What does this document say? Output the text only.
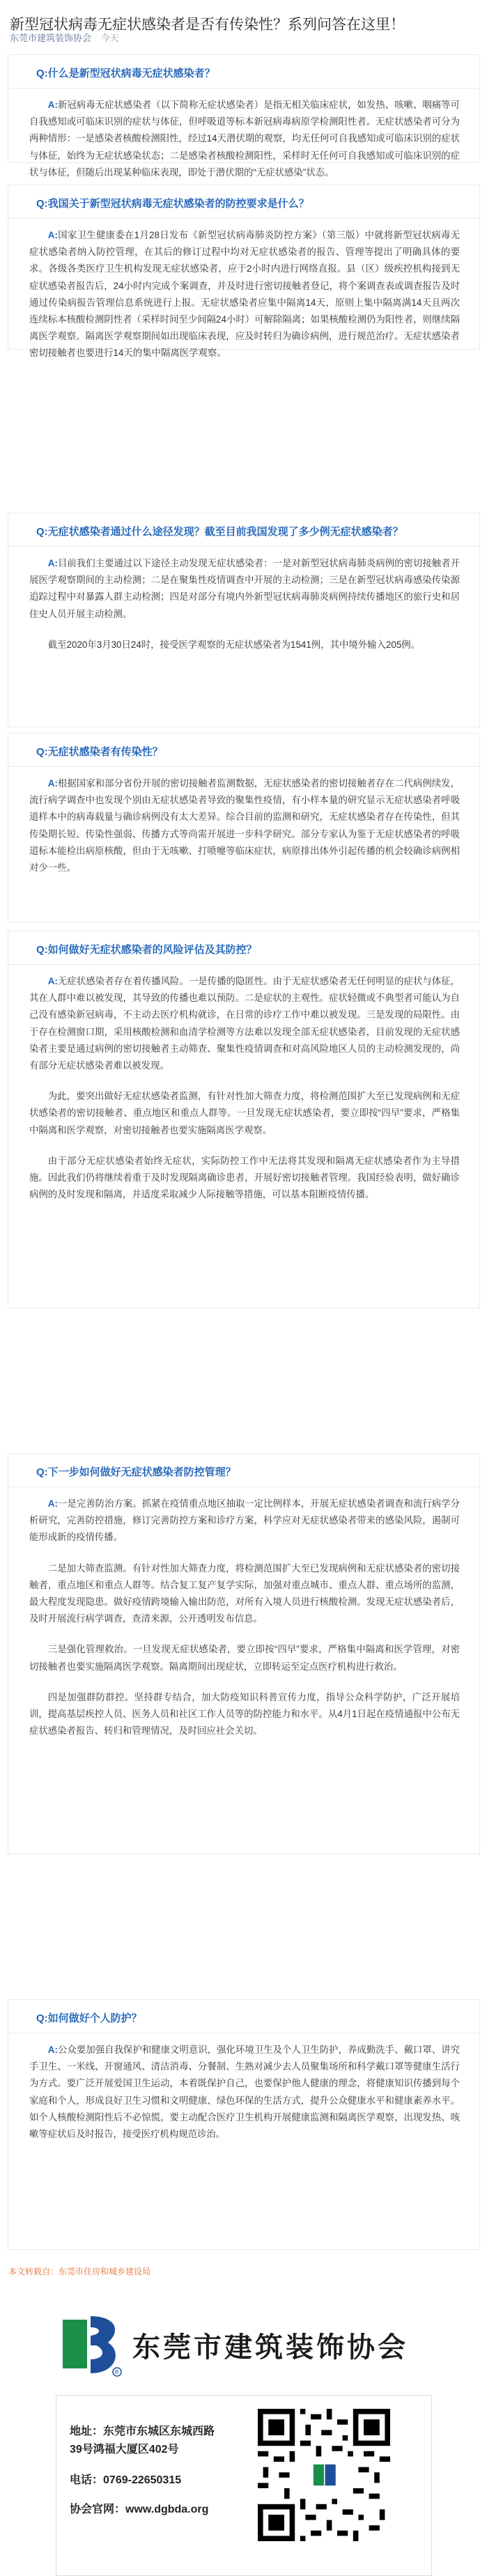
新型冠状病毒无症状感染者是否有传染性？系列问答在这里！
东莞市建筑装饰协会 今天
Q:什么是新型冠状病毒无症状感染者？

A:新冠病毒无症状感染者（以下简称无症状感染者）是指无相关临床症状，如发热、咳嗽、咽痛等可自我感知或可临床识别的症状与体征，但呼吸道等标本新冠病毒病原学检测阳性者。无症状感染者可分为两种情形：一是感染者核酸检测阳性，经过14天潜伏期的观察，均无任何可自我感知或可临床识别的症状与体征，始终为无症状感染状态；二是感染者核酸检测阳性，采样时无任何可自我感知或可临床识别的症状与体征，但随后出现某种临床表现，即处于潜伏期的“无症状感染”状态。

Q:我国关于新型冠状病毒无症状感染者的防控要求是什么？

A:国家卫生健康委在1月28日发布《新型冠状病毒肺炎防控方案》（第三版）中就将新型冠状病毒无症状感染者纳入防控管理，在其后的修订过程中均对无症状感染者的报告、管理等提出了明确具体的要求。各级各类医疗卫生机构发现无症状感染者，应于2小时内进行网络直报。县（区）级疾控机构接到无症状感染者报告后，24小时内完成个案调查，并及时进行密切接触者登记，将个案调查表或调查报告及时通过传染病报告管理信息系统进行上报。无症状感染者应集中隔离14天，原则上集中隔离满14天且两次连续标本核酸检测阴性者（采样时间至少间隔24小时）可解除隔离；如果核酸检测仍为阳性者，则继续隔离医学观察。隔离医学观察期间如出现临床表现，应及时转归为确诊病例，进行规范治疗。无症状感染者密切接触者也要进行14天的集中隔离医学观察。

Q:无症状感染者通过什么途径发现？截至目前我国发现了多少例无症状感染者？

A:目前我们主要通过以下途径主动发现无症状感染者：一是对新型冠状病毒肺炎病例的密切接触者开展医学观察期间的主动检测；二是在聚集性疫情调查中开展的主动检测；三是在新型冠状病毒感染传染源追踪过程中对暴露人群主动检测；四是对部分有境内外新型冠状病毒肺炎病例持续传播地区的旅行史和居住史人员开展主动检测。

截至2020年3月30日24时，接受医学观察的无症状感染者为1541例，其中境外输入205例。

Q:无症状感染者有传染性？

A:根据国家和部分省份开展的密切接触者监测数据，无症状感染者的密切接触者存在二代病例续发，流行病学调查中也发现个别由无症状感染者导致的聚集性疫情，有小样本量的研究显示无症状感染者呼吸道样本中的病毒载量与确诊病例没有太大差异。综合目前的监测和研究，无症状感染者存在传染性，但其传染期长短、传染性强弱、传播方式等尚需开展进一步科学研究。部分专家认为鉴于无症状感染者的呼吸道标本能检出病原核酸，但由于无咳嗽、打喷嚏等临床症状，病原排出体外引起传播的机会较确诊病例相对少一些。

Q:如何做好无症状感染者的风险评估及其防控？

A:无症状感染者存在着传播风险。一是传播的隐匿性。由于无症状感染者无任何明显的症状与体征，其在人群中难以被发现，其导致的传播也难以预防。二是症状的主观性。症状轻微或不典型者可能认为自己没有感染新冠病毒，不主动去医疗机构就诊，在日常的诊疗工作中难以被发现。三是发现的局限性。由于存在检测窗口期，采用核酸检测和血清学检测等方法难以发现全部无症状感染者，目前发现的无症状感染者主要是通过病例的密切接触者主动筛查、聚集性疫情调查和对高风险地区人员的主动检测发现的，尚有部分无症状感染者难以被发现。

为此，要突出做好无症状感染者监测，有针对性加大筛查力度，将检测范围扩大至已发现病例和无症状感染者的密切接触者、重点地区和重点人群等。一旦发现无症状感染者，要立即按“四早”要求，严格集中隔离和医学观察，对密切接触者也要实施隔离医学观察。

由于部分无症状感染者始终无症状，实际防控工作中无法将其发现和隔离无症状感染者作为主导措施。因此我们仍将继续着重于及时发现隔离确诊患者，开展好密切接触者管理。我国经验表明，做好确诊病例的及时发现和隔离，并适度采取减少人际接触等措施，可以基本阻断疫情传播。

Q:下一步如何做好无症状感染者防控管理？

A:一是完善防治方案。抓紧在疫情重点地区抽取一定比例样本，开展无症状感染者调查和流行病学分析研究，完善防控措施，修订完善防控方案和诊疗方案，科学应对无症状感染者带来的感染风险，遏制可能形成新的疫情传播。

二是加大筛查监测。有针对性加大筛查力度，将检测范围扩大至已发现病例和无症状感染者的密切接触者，重点地区和重点人群等。结合复工复产复学实际，加强对重点城市、重点人群、重点场所的监测，最大程度发现隐患。做好疫情跨境输入输出防范，对所有入境人员进行核酸检测。发现无症状感染者后，及时开展流行病学调查，查清来源，公开透明发布信息。

三是强化管理救治。一旦发现无症状感染者，要立即按“四早”要求，严格集中隔离和医学管理，对密切接触者也要实施隔离医学观察。隔离期间出现症状，立即转运至定点医疗机构进行救治。

四是加强群防群控。坚持群专结合，加大防疫知识科普宣传力度，指导公众科学防护，广泛开展培训，提高基层疾控人员、医务人员和社区工作人员等的防控能力和水平。从4月1日起在疫情通报中公布无症状感染者报告、转归和管理情况，及时回应社会关切。

Q:如何做好个人防护？

A:公众要加强自我保护和健康文明意识，强化环境卫生及个人卫生防护，养成勤洗手、戴口罩、讲究手卫生、一米线、开窗通风、清洁消毒、分餐制、生熟对减少去人员聚集场所和科学戴口罩等健康生活行为方式。要广泛开展爱国卫生运动，本着既保护自己，也要保护他人健康的理念，将健康知识传播到每个家庭和个人，形成良好卫生习惯和文明健康、绿色环保的生活方式，提升公众健康水平和健康素养水平。如个人核酸检测阳性后不必惊慌，要主动配合医疗卫生机构开展健康监测和隔离医学观察，出现发热、咳嗽等症状后及时报告，接受医疗机构规范诊治。

本文转载自：东莞市住房和城乡建设局
R
东莞市建筑装饰协会
地址：东莞市东城区东城西路
39号鸿福大厦区402号
电话：0769-22650315
协会官网：www.dgbda.org
